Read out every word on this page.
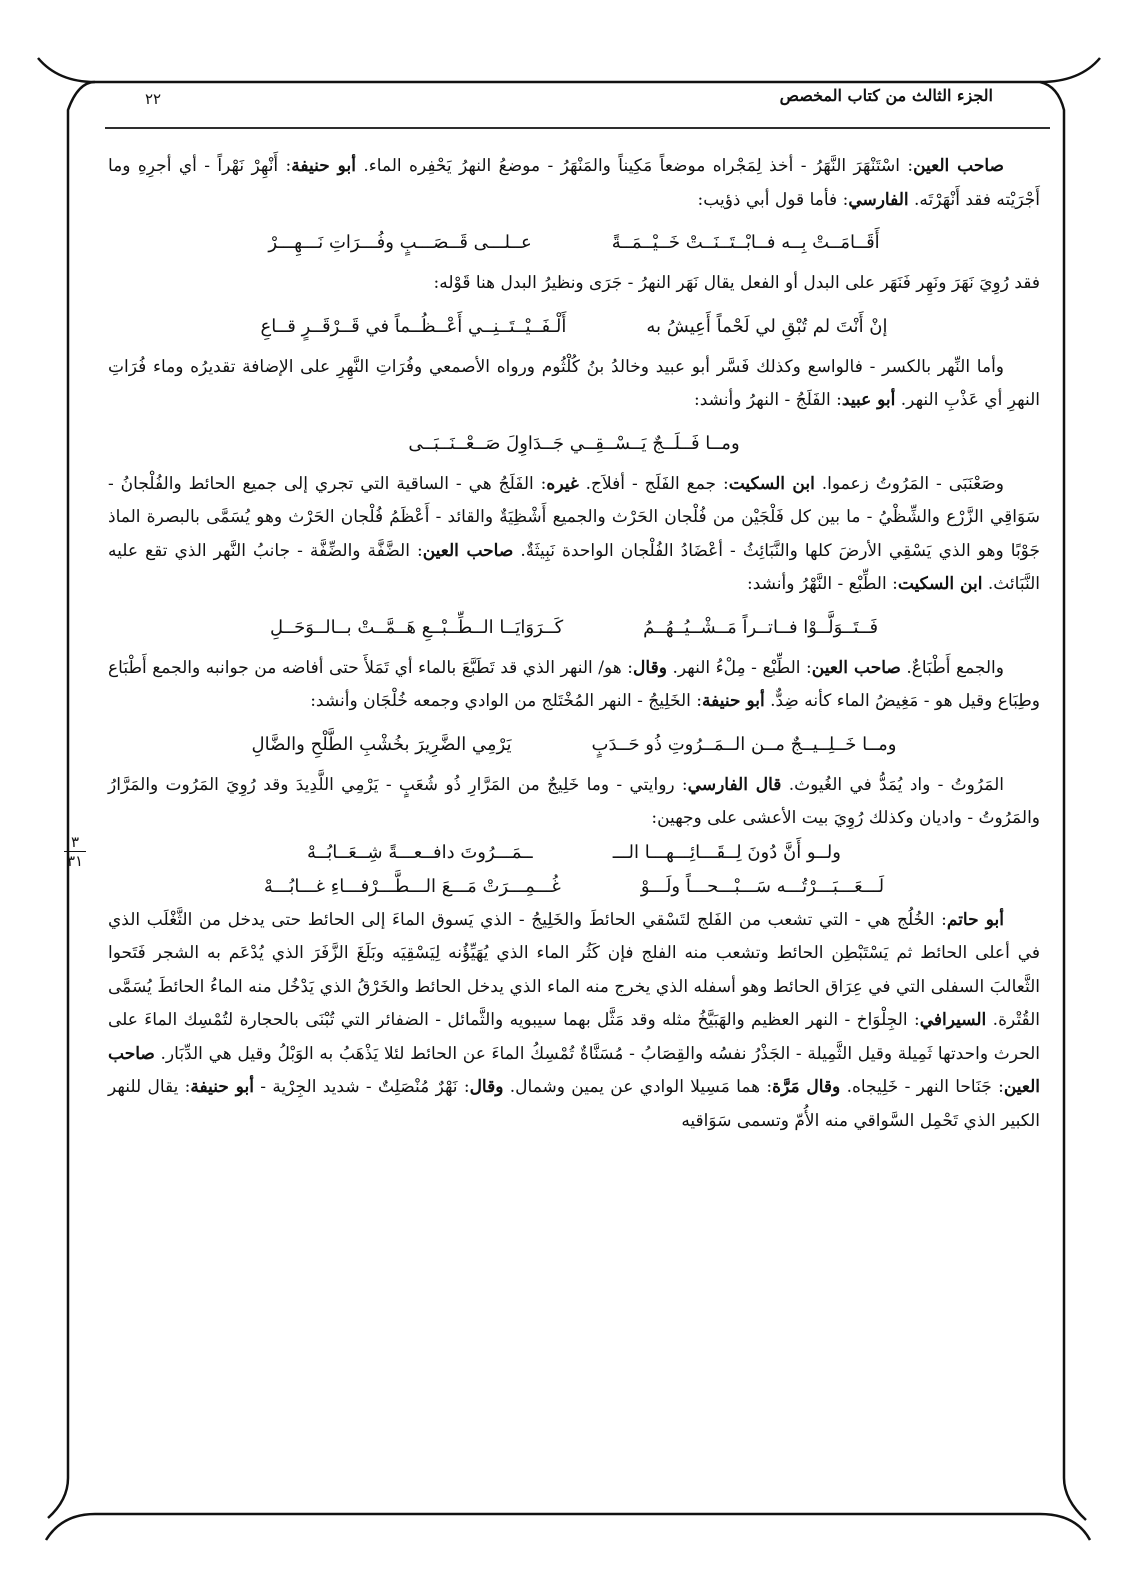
الجزء الثالث من كتاب المخصص
٢٢
٣
٣١

صاحب العين: اسْتَنْهَرَ النَّهَرُ - أخذ لِمَجْراه موضعاً مَكِيناً والمَنْهَرُ - موضعُ النهرُ يَحْفِره الماء. أبو حنيفة: أَنْهِرْ نَهْراً - أي أجرِهِ وما أَجْرَيْته فقد أَنْهَرْتَه. الفارسي: فأما قول أبي ذؤيب:

أَقَــامَــتْ بِــه فــابْــتَــنَــتْ خَــيْــمَــةً
عــلـــى قَــصَـــبٍ وفُـــرَاتِ نَـــهِـــرْ

فقد رُوِيَ نَهَرَ ونَهِر فَنَهَر على البدل أو الفعل يقال نَهَر النهرُ - جَرَى ونظيرُ البدل هنا قَوْله:

إنْ أَنْتَ لم تُبْقِ لي لَحْماً أَعِيشُ به
أَلْـفَــيْــتَــنِــي أَعْــظُــماً في قَــرْقَــرٍ قــاعِ

وأما النِّهر بالكسر - فالواسع وكذلك فَسَّر أبو عبيد وخالدُ بنُ كُلْثُوم ورواه الأصمعي وفُرَاتِ النَّهِرِ على الإضافة تقديرُه وماء فُرَاتِ النهرِ أي عَذْبِ النهر. أبو عبيد: الفَلَجُ - النهرُ وأنشد:

ومــا فَــلَــجٌ يَــسْــقِــي جَــدَاوِلَ صَــعْــنَــبَــى

وصَعْنَبَى - المَرُوتُ زعموا. ابن السكيت: جمع الفَلَج - أفلاَج. غيره: الفَلَجُ هي - الساقية التي تجري إلى جميع الحائط والفُلْجانُ - سَوَاقِي الزَّرْع والشِّظْيُ - ما بين كل فَلْجَيْن من فُلْجان الحَرْث والجميع أَشْظِيَةٌ والقائد - أَعْظَمُ فُلْجان الحَرْث وهو يُسَمَّى بالبصرة الماذ جَوْبًا وهو الذي يَسْقِي الأرضَ كلها والنَّبَائِثُ - أعْضَادُ الفُلْجان الواحدة نَبِيثَةٌ. صاحب العين: الضَّفَّة والضِّفَّة - جانبُ النَّهر الذي تقع عليه النَّبَائث. ابن السكيت: الطِّبْع - النَّهْرُ وأنشد:

فَــتَــوَلَّــوْا فــاتــراً مَــشْــيُــهُــمُ
كَــرَوَايَــا الــطِّــبْــعِ هَــمَّــتْ بــالــوَحَــلِ

والجمع أَطْبَاعٌ. صاحب العين: الطِّبْع - مِلْءُ النهر. وقال: هو/ النهر الذي قد تَطَبَّعَ بالماء أي تَمَلأَ حتى أفاضه من جوانبه والجمع أَطْبَاع وطِبَاع وقيل هو - مَغِيضُ الماء كأنه ضِدٌّ. أبو حنيفة: الخَلِيجُ - النهر المُخْتَلج من الوادي وجمعه خُلْجَان وأنشد:

ومــا خَــلِــيــجٌ مــن الــمَــرُوتِ ذُو حَــدَبٍ
يَرْمِي الضَّرِيرَ بخُشْبِ الطَّلْحِ والضَّالِ

المَرُوتُ - واد يُمَدُّ في الغُيوث. قال الفارسي: روايتي - وما خَلِيجٌ من المَرَّارِ ذُو شُعَبٍ - يَرْمِي اللَّدِيدَ وقد رُوِيَ المَرُوت والمَرَّارُ والمَرُوتُ - واديان وكذلك رُوِيَ بيت الأعشى على وجهين:

ولــو أَنَّ دُونَ لِــقَـــائِـــهـــا الـــ
ــمَـــرُوتَ دافــعـــةً شِــعَــابُــهْ
لَـــعَـــبَـــرْتُـــه سَـــبْـــحـــاً ولَـــوْ
غُـــمِـــرَتْ مَـــعَ الـــطَّـــرْفـــاءِ غـــابُـــهْ

أبو حاتم: الخُلُج هي - التي تشعب من الفَلج لتَسْقي الحائطَ والخَلِيجُ - الذي يَسوق الماءَ إلى الحائط حتى يدخل من الثَّغْلَب الذي في أعلى الحائط ثم يَسْتَبْطِن الحائط وتشعب منه الفلج فإن كَثُر الماء الذي يُهَيِّؤُنه لِيَسْقِيَه وبَلَغَ الزَّفَرَ الذي يُدْعَم به الشجر فَتَحوا الثَّعالبَ السفلى التي في عِرَاق الحائط وهو أسفله الذي يخرج منه الماء الذي يدخل الحائط والخَرْقُ الذي يَدْخُل منه الماءُ الحائطَ يُسَمَّى القُتْرة. السيرافي: الجِلْوَاخ - النهر العظيم والهَبَيَّخُ مثله وقد مَثَّل بهما سيبويه والثَّمائل - الضفائر التي تُبْنَى بالحجارة لتُمْسِك الماءَ على الحرث واحدتها ثَمِيلة وقيل الثَّمِيلة - الجَذْرُ نفسُه والقِصَابُ - مُسَنَّاةٌ تُمْسِكُ الماءَ عن الحائط لئلا يَذْهَبُ به الوَبْلُ وقيل هي الدِّبَار. صاحب العين: جَنَاحا النهر - خَلِيجاه. وقال مَرَّة: هما مَسِيلا الوادي عن يمين وشمال. وقال: نَهْرٌ مُنْصَلِتٌ - شديد الجِرْية - أبو حنيفة: يقال للنهر الكبير الذي تَحْمِل السَّواقي منه الأُمّ وتسمى سَوَاقيه
